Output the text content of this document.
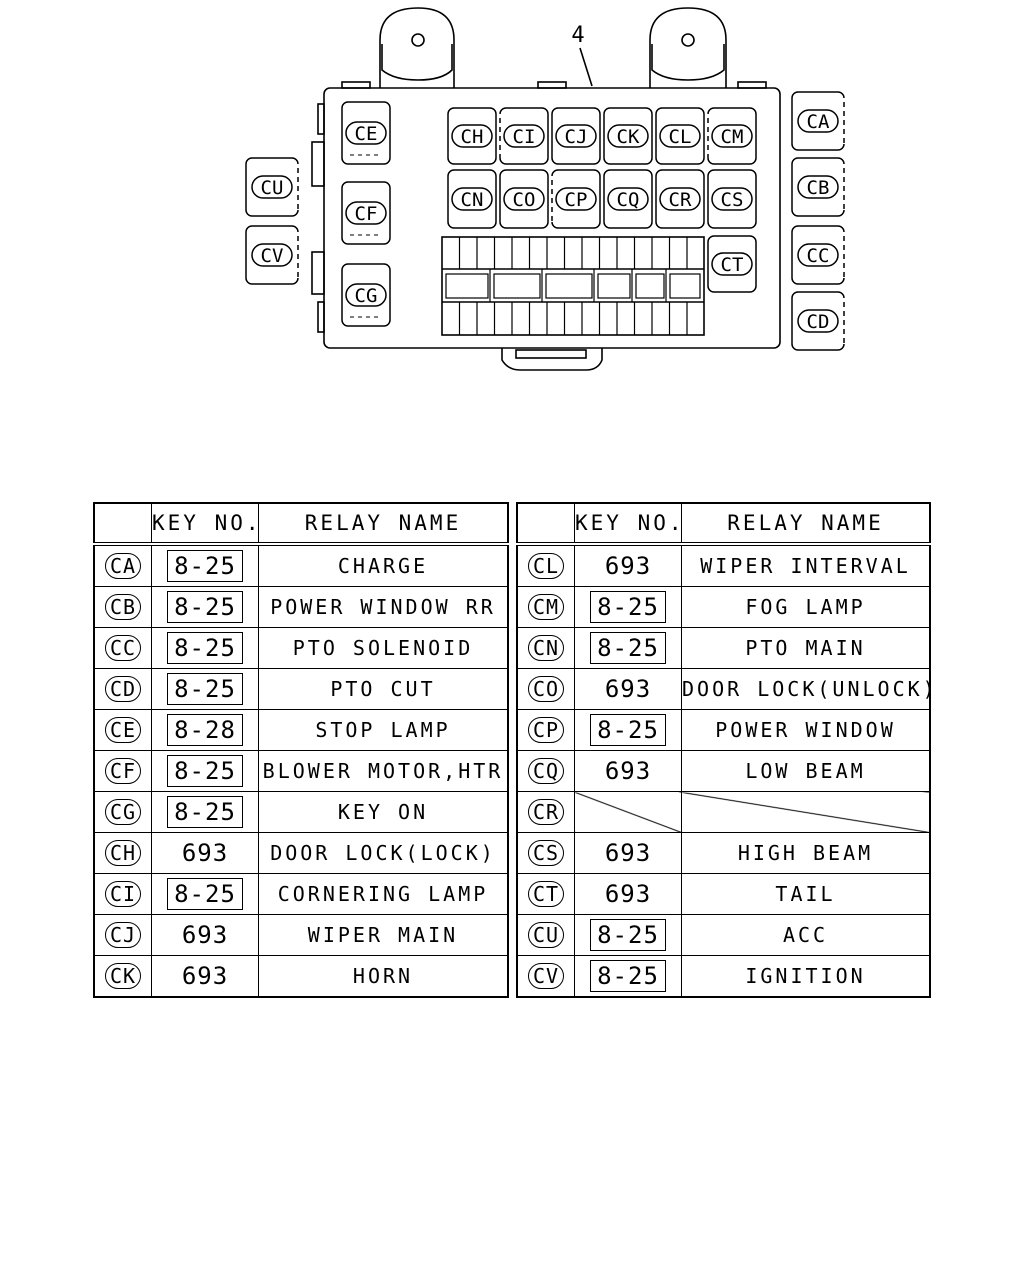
CA
CB
CC
CD
CE
CF
CG
CH CI CJ CK CL CM
CN CO CP CQ CR CS
CT
CU
CV
4
	KEY NO.	RELAY NAME
CA	8-25	CHARGE
CB	8-25	POWER WINDOW RR
CC	8-25	PTO SOLENOID
CD	8-25	PTO CUT
CE	8-28	STOP LAMP
CF	8-25	BLOWER MOTOR,HTR
CG	8-25	KEY ON
CH	693	DOOR LOCK(LOCK)
CI	8-25	CORNERING LAMP
CJ	693	WIPER MAIN
CK	693	HORN
	KEY NO.	RELAY NAME
CL	693	WIPER INTERVAL
CM	8-25	FOG LAMP
CN	8-25	PTO MAIN
CO	693	DOOR LOCK(UNLOCK)
CP	8-25	POWER WINDOW
CQ	693	LOW BEAM
CR		
CS	693	HIGH BEAM
CT	693	TAIL
CU	8-25	ACC
CV	8-25	IGNITION
